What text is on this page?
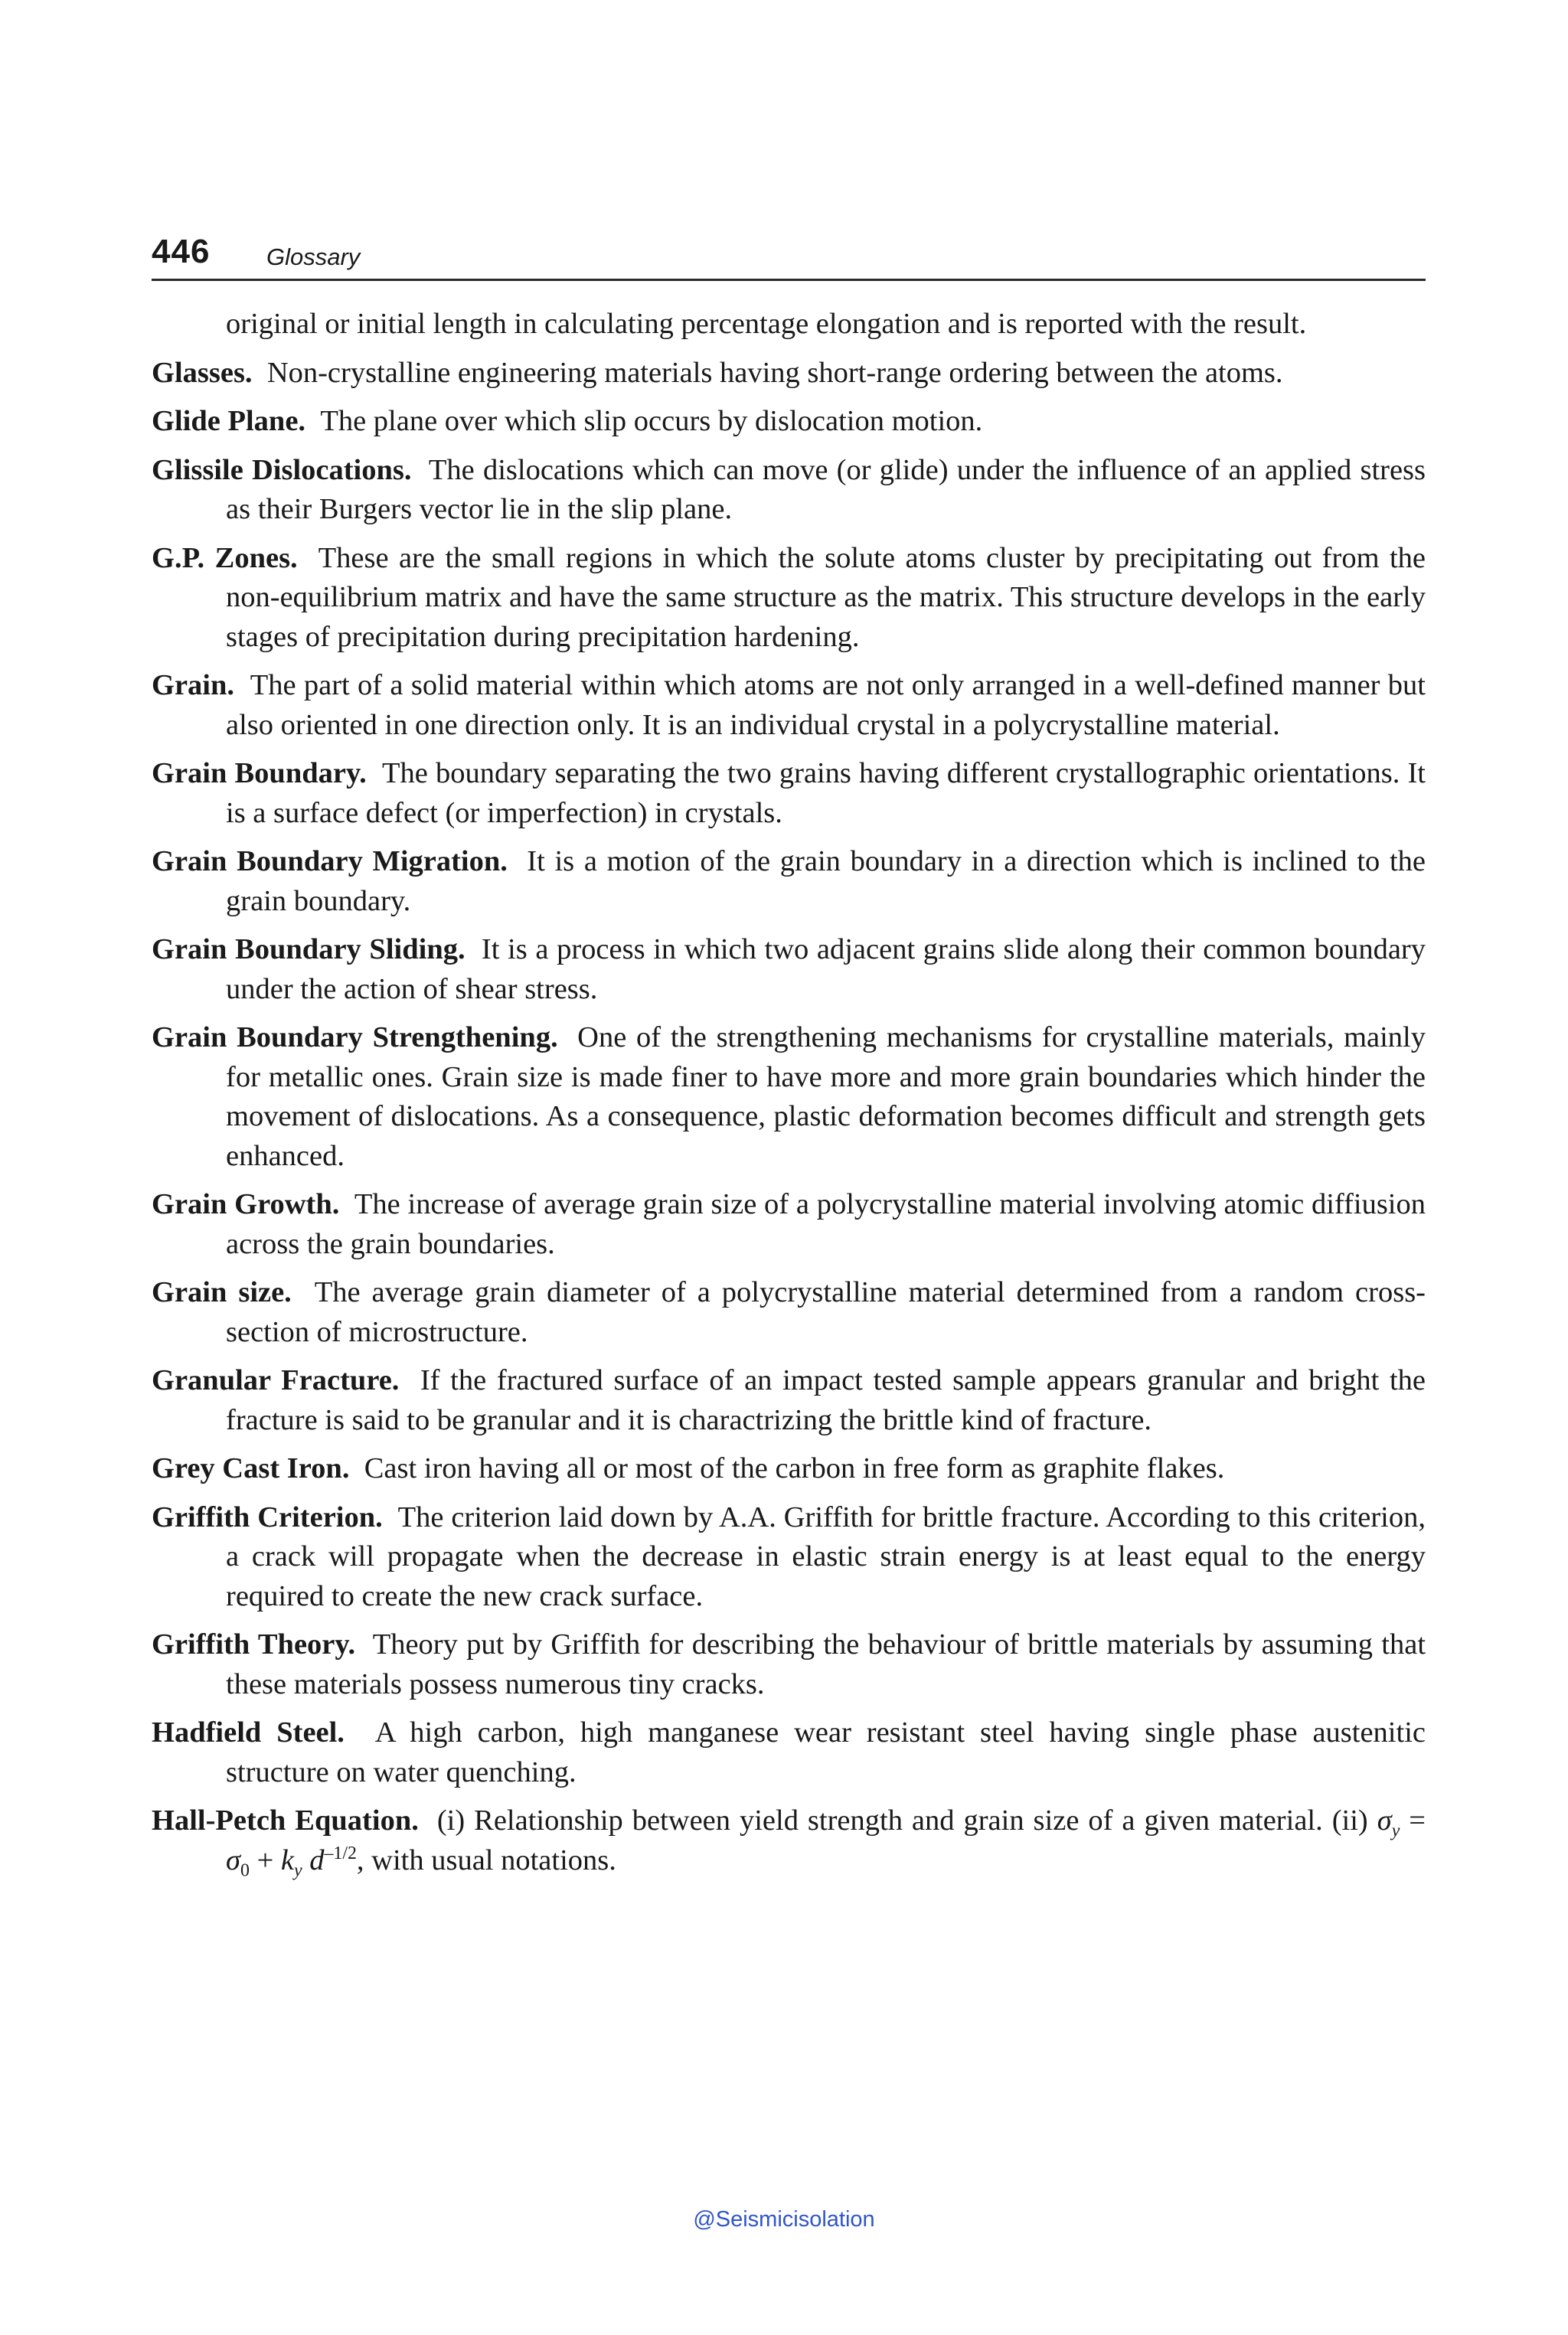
446 Glossary

original or initial length in calculating percentage elongation and is reported with the result.

Glasses. Non-crystalline engineering materials having short-range ordering between the atoms.

Glide Plane. The plane over which slip occurs by dislocation motion.

Glissile Dislocations. The dislocations which can move (or glide) under the influence of an applied stress as their Burgers vector lie in the slip plane.

G.P. Zones. These are the small regions in which the solute atoms cluster by precipitating out from the non-equilibrium matrix and have the same structure as the matrix. This structure develops in the early stages of precipitation during precipitation hardening.

Grain. The part of a solid material within which atoms are not only arranged in a well-defined manner but also oriented in one direction only. It is an individual crystal in a polycrystalline material.

Grain Boundary. The boundary separating the two grains having different crystallographic orientations. It is a surface defect (or imperfection) in crystals.

Grain Boundary Migration. It is a motion of the grain boundary in a direction which is inclined to the grain boundary.

Grain Boundary Sliding. It is a process in which two adjacent grains slide along their common boundary under the action of shear stress.

Grain Boundary Strengthening. One of the strengthening mechanisms for crystalline materials, mainly for metallic ones. Grain size is made finer to have more and more grain boundaries which hinder the movement of dislocations. As a consequence, plastic deformation becomes difficult and strength gets enhanced.

Grain Growth. The increase of average grain size of a polycrystalline material involving atomic diffiusion across the grain boundaries.

Grain size. The average grain diameter of a polycrystalline material determined from a random cross-section of microstructure.

Granular Fracture. If the fractured surface of an impact tested sample appears granular and bright the fracture is said to be granular and it is charactrizing the brittle kind of fracture.

Grey Cast Iron. Cast iron having all or most of the carbon in free form as graphite flakes.

Griffith Criterion. The criterion laid down by A.A. Griffith for brittle fracture. According to this criterion, a crack will propagate when the decrease in elastic strain energy is at least equal to the energy required to create the new crack surface.

Griffith Theory. Theory put by Griffith for describing the behaviour of brittle materials by assuming that these materials possess numerous tiny cracks.

Hadfield Steel. A high carbon, high manganese wear resistant steel having single phase austenitic structure on water quenching.

Hall-Petch Equation. (i) Relationship between yield strength and grain size of a given material. (ii) $\sigma_y = \sigma_0 + k_y$ $d^{-1/2}$, with usual notations.

@Seismicisolation
